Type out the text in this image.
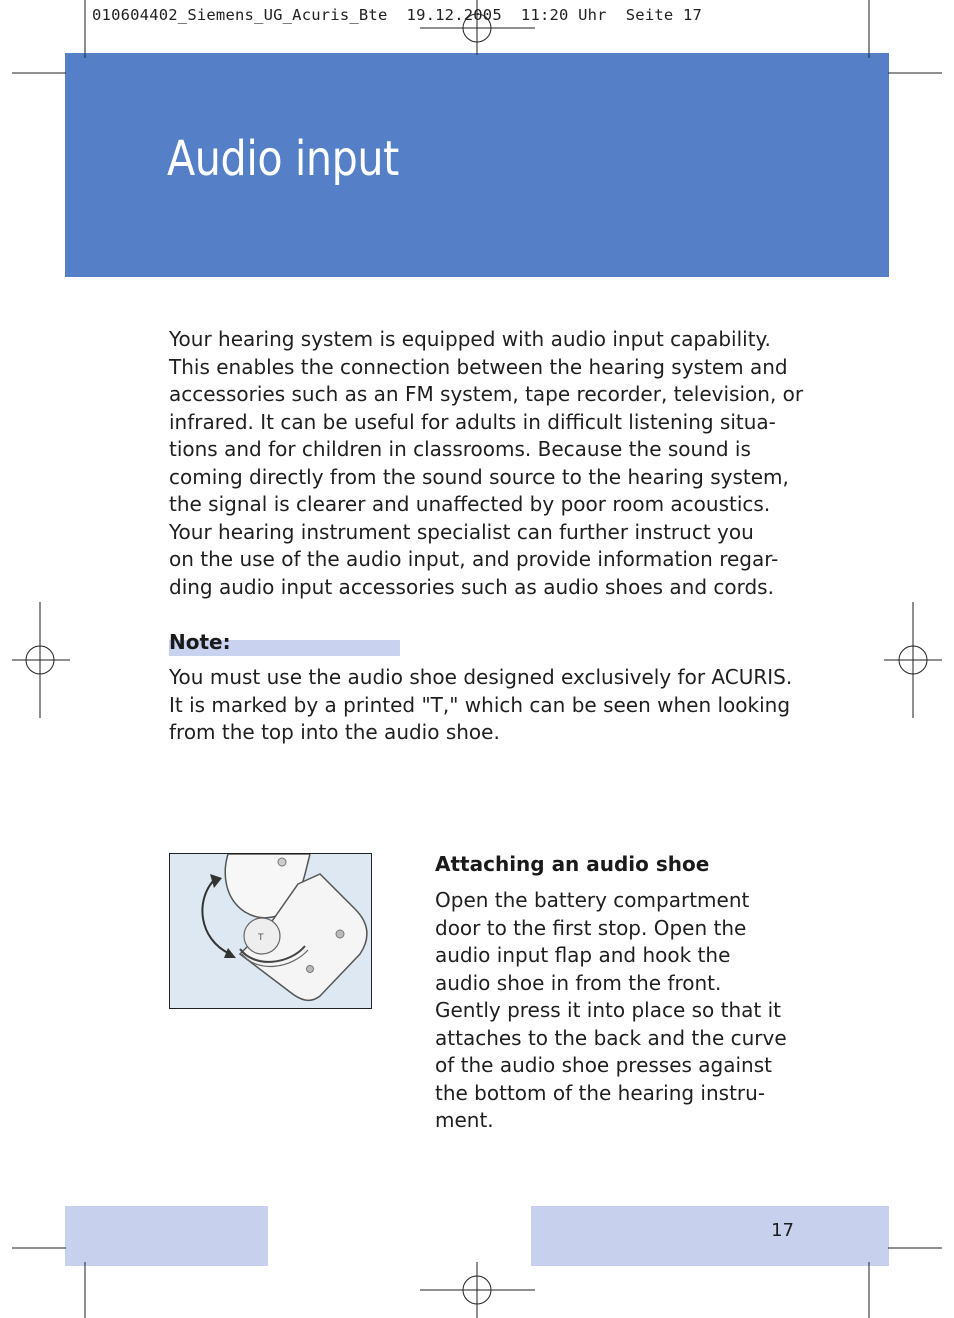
010604402_Siemens_UG_Acuris_Bte  19.12.2005  11:20 Uhr  Seite 17
Audio input

Your hearing system is equipped with audio input capability.
This enables the connection between the hearing system and
accessories such as an FM system, tape recorder, television, or
infrared. It can be useful for adults in difficult listening situa-
tions and for children in classrooms. Because the sound is
coming directly from the sound source to the hearing system,
the signal is clearer and unaffected by poor room acoustics.
Your hearing instrument specialist can further instruct you
on the use of the audio input, and provide information regar-
ding audio input accessories such as audio shoes and cords.

Note:

You must use the audio shoe designed exclusively for ACURIS.
It is marked by a printed "T," which can be seen when looking
from the top into the audio shoe.

T
Attaching an audio shoe

Open the battery compartment
door to the first stop. Open the
audio input flap and hook the
audio shoe in from the front.
Gently press it into place so that it
attaches to the back and the curve
of the audio shoe presses against
the bottom of the hearing instru-
ment.

17
